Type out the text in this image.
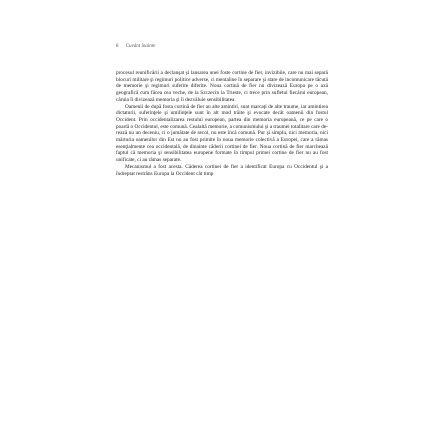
8 Cuvânt înainte

procesul reunificării a declanşat şi lansarea unei foste cortine de fier, invizibile, care nu mai separă blocuri militare şi regimuri politice adverse, ci mentaline în separare şi stare de incomunicare tăcută de memorie şi regimuri suferite diferite. Noua cortină de fier nu divizează Europa pe o axă geografică cum făcea cea veche, de la Szczecin la Trieste, ci trece prin sufletul fiecărui european, căruia îi divizează memoria şi îi dezvăluie sensibilitatea.

Oamenii de după fosta cortină de fier au alte amintiri, sunt marcaţi de alte traume, iar amintirea dictaturii, suferinţele şi umilinţele sunt în alt mod trăite şi evocate decât oamenii din fostul Occident. Prin occidentalizarea restului european, partea din memoria europeană, ce pe care o poartă o Occidentul, este comună. Cealaltă memorie, a comunismului şi a traumei totalitare care de-rează nu un deceniu, ci o jumătate de secol, nu este încă comună. Pur şi simplu, nici memoria, nici mărturia oamenilor din Est nu au fost primite în noua memorie colectivă a Europei, care a rămas esenţialmente cea occidentală, de dinainte căderii cortinei de fier. Noua cortină de fier marchează faptul că memoria şi sensibilitatea europene formate în timpul primei cortine de fier nu au fost unificate, ci au rămas separate.

Mecanismul a fost acesta. Căderea cortinei de fier a identificat Europa cu Occidentul şi a îndreptat restrâns Europa la Occident cât timp
